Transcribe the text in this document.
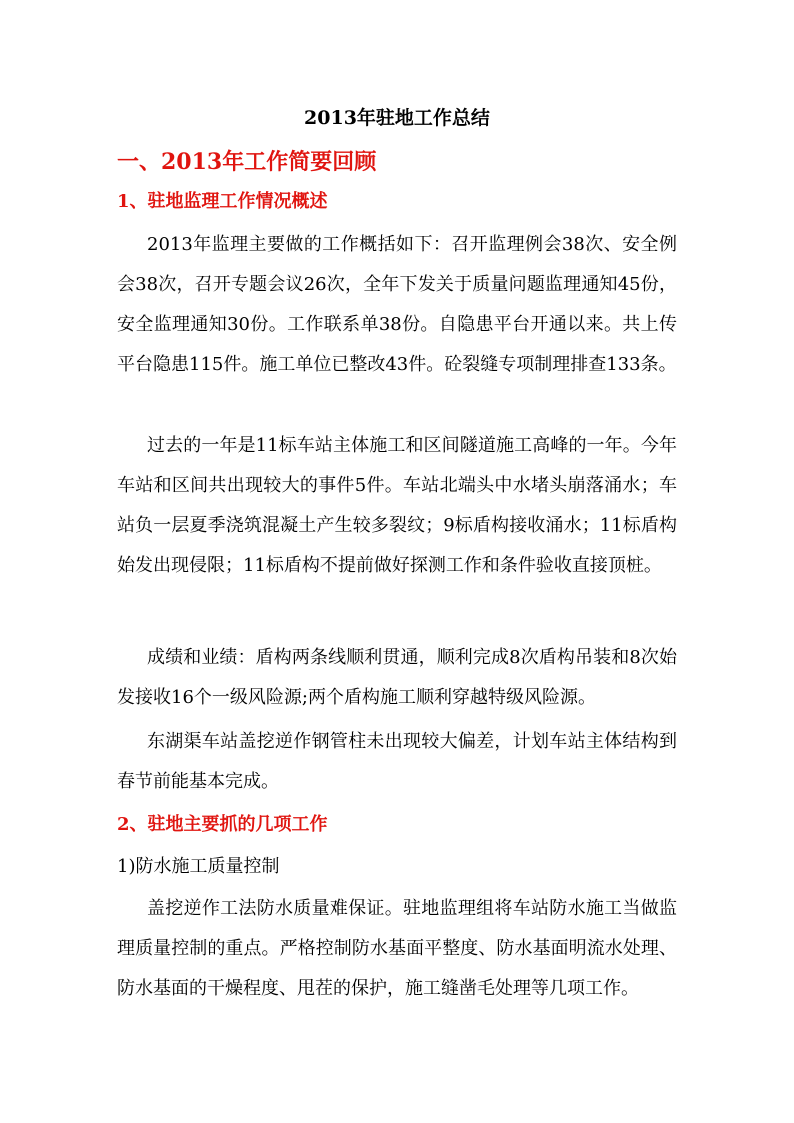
2013年驻地工作总结
一、2013年工作简要回顾
1、驻地监理工作情况概述

2013年监理主要做的工作概括如下：召开监理例会38次、安全例会38次，召开专题会议26次，全年下发关于质量问题监理通知45份，安全监理通知30份。工作联系单38份。自隐患平台开通以来。共上传平台隐患115件。施工单位已整改43件。砼裂缝专项制理排查133条。

过去的一年是11标车站主体施工和区间隧道施工高峰的一年。今年车站和区间共出现较大的事件5件。车站北端头中水堵头崩落涌水；车站负一层夏季浇筑混凝土产生较多裂纹；9标盾构接收涌水；11标盾构始发出现侵限；11标盾构不提前做好探测工作和条件验收直接顶桩。

成绩和业绩：盾构两条线顺利贯通，顺利完成8次盾构吊装和8次始发接收16个一级风险源;两个盾构施工顺利穿越特级风险源。

东湖渠车站盖挖逆作钢管柱未出现较大偏差，计划车站主体结构到春节前能基本完成。

2、驻地主要抓的几项工作
1)防水施工质量控制

盖挖逆作工法防水质量难保证。驻地监理组将车站防水施工当做监理质量控制的重点。严格控制防水基面平整度、防水基面明流水处理、防水基面的干燥程度、甩茬的保护，施工缝凿毛处理等几项工作。
